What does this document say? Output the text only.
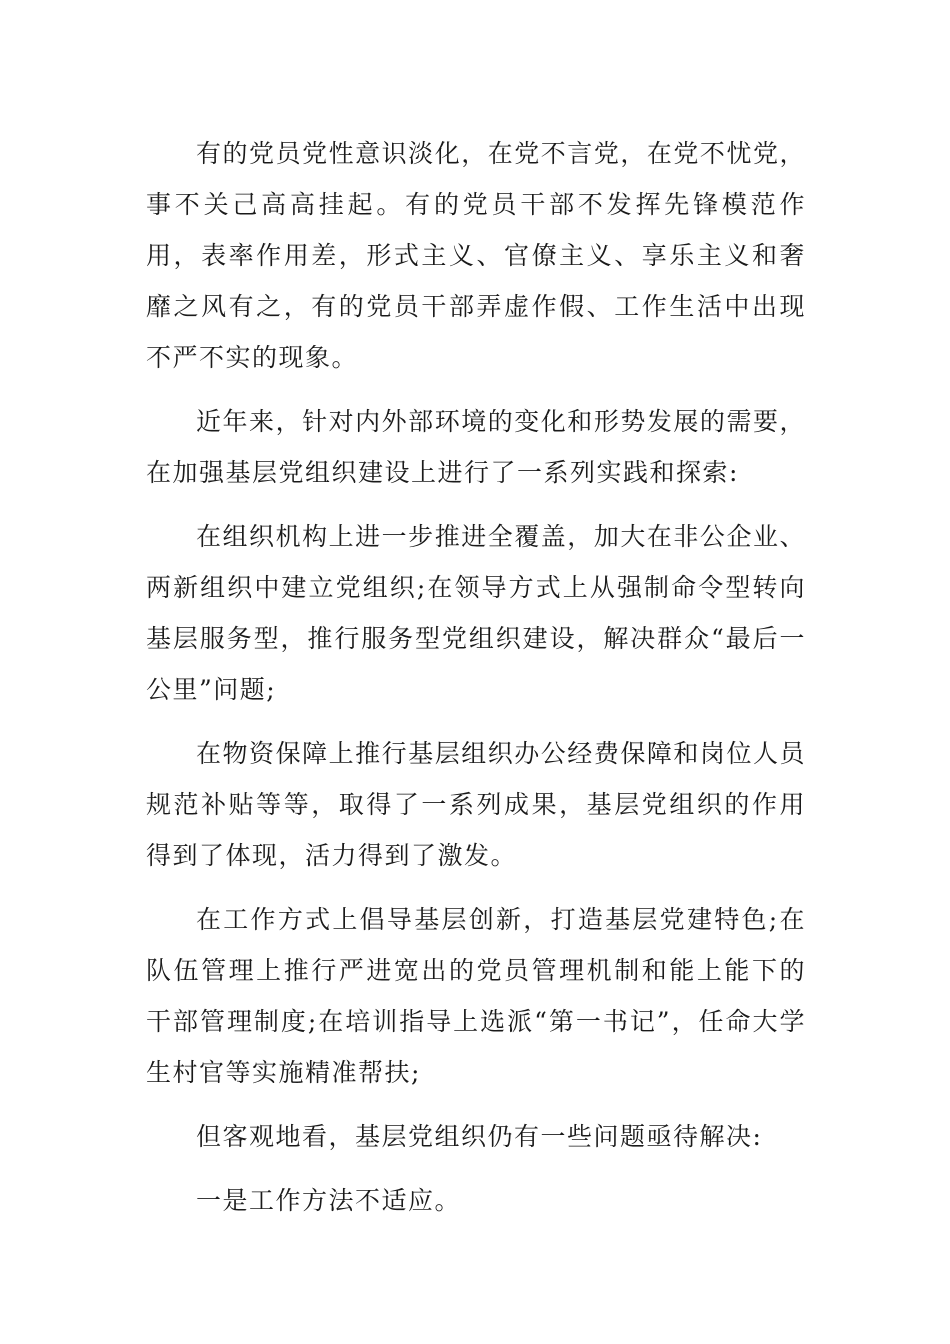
有的党员党性意识淡化，在党不言党，在党不忧党，事不关己高高挂起。有的党员干部不发挥先锋模范作用，表率作用差，形式主义、官僚主义、享乐主义和奢靡之风有之，有的党员干部弄虚作假、工作生活中出现不严不实的现象。

近年来，针对内外部环境的变化和形势发展的需要，在加强基层党组织建设上进行了一系列实践和探索:

在组织机构上进一步推进全覆盖，加大在非公企业、两新组织中建立党组织;在领导方式上从强制命令型转向基层服务型，推行服务型党组织建设，解决群众“最后一公里”问题;

在物资保障上推行基层组织办公经费保障和岗位人员规范补贴等等，取得了一系列成果，基层党组织的作用得到了体现，活力得到了激发。

在工作方式上倡导基层创新，打造基层党建特色;在队伍管理上推行严进宽出的党员管理机制和能上能下的干部管理制度;在培训指导上选派“第一书记”，任命大学生村官等实施精准帮扶;

但客观地看，基层党组织仍有一些问题亟待解决:

一是工作方法不适应。
